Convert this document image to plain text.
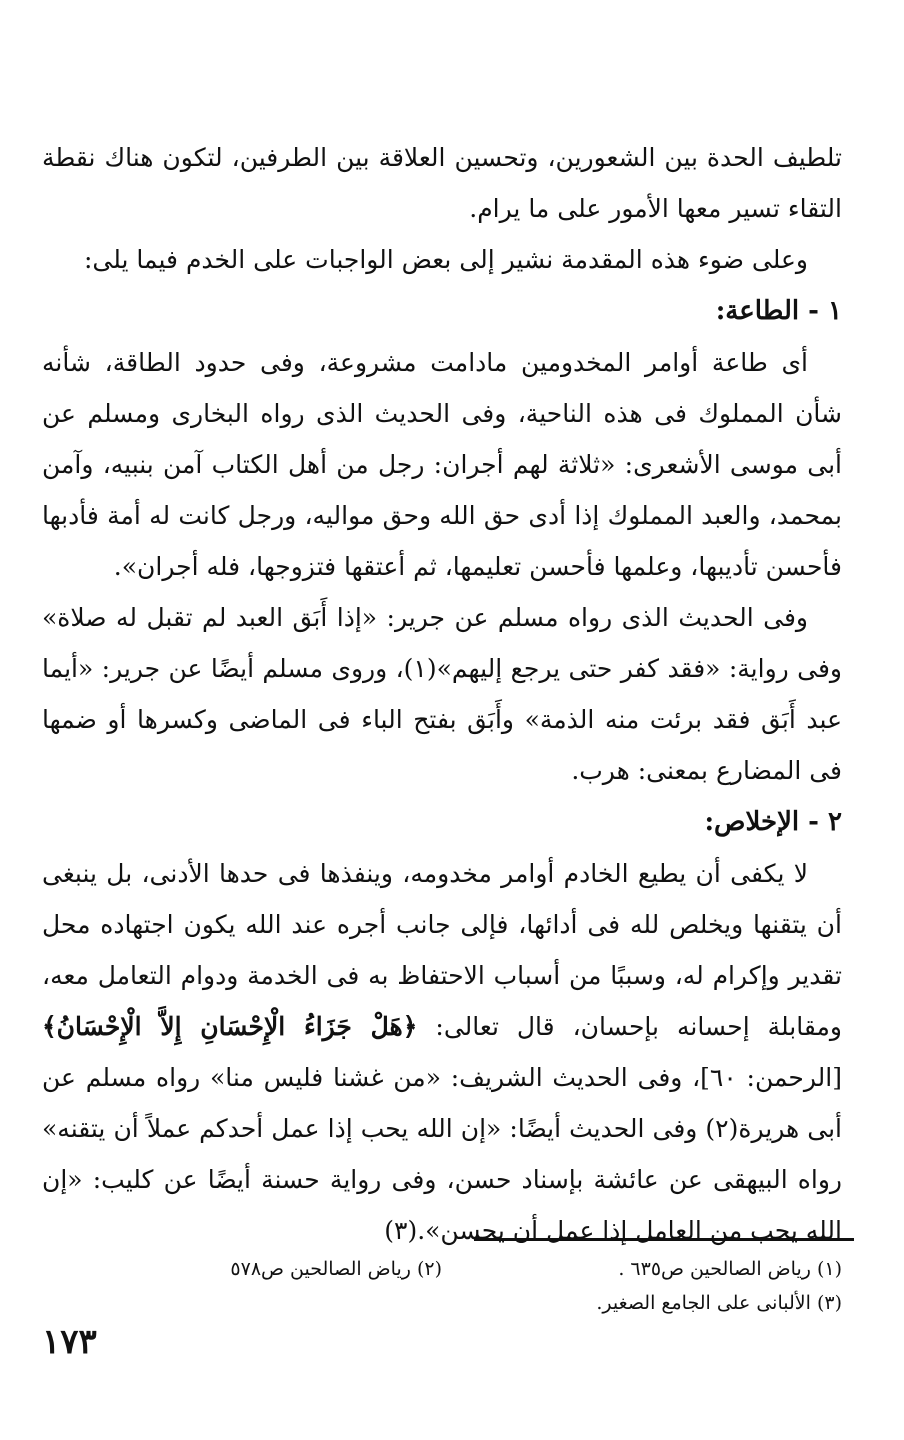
تلطيف الحدة بين الشعورين، وتحسين العلاقة بين الطرفين، لتكون هناك نقطة التقاء تسير معها الأمور على ما يرام.

وعلى ضوء هذه المقدمة نشير إلى بعض الواجبات على الخدم فيما يلى:

١ - الطاعة:

أى طاعة أوامر المخدومين مادامت مشروعة، وفى حدود الطاقة، شأنه شأن المملوك فى هذه الناحية، وفى الحديث الذى رواه البخارى ومسلم عن أبى موسى الأشعرى: «ثلاثة لهم أجران: رجل من أهل الكتاب آمن بنبيه، وآمن بمحمد، والعبد المملوك إذا أدى حق الله وحق مواليه، ورجل كانت له أمة فأدبها فأحسن تأديبها، وعلمها فأحسن تعليمها، ثم أعتقها فتزوجها، فله أجران».

وفى الحديث الذى رواه مسلم عن جرير: «إذا أَبَق العبد لم تقبل له صلاة» وفى رواية: «فقد كفر حتى يرجع إليهم»(١)، وروى مسلم أيضًا عن جرير: «أيما عبد أَبَق فقد برئت منه الذمة» وأَبَق بفتح الباء فى الماضى وكسرها أو ضمها فى المضارع بمعنى: هرب.

٢ - الإخلاص:

لا يكفى أن يطيع الخادم أوامر مخدومه، وينفذها فى حدها الأدنى، بل ينبغى أن يتقنها ويخلص لله فى أدائها، فإلى جانب أجره عند الله يكون اجتهاده محل تقدير وإكرام له، وسببًا من أسباب الاحتفاظ به فى الخدمة ودوام التعامل معه، ومقابلة إحسانه بإحسان، قال تعالى: ﴿هَلْ جَزَاءُ الْإِحْسَانِ إِلاَّ الْإِحْسَانُ﴾ [الرحمن: ٦٠]، وفى الحديث الشريف: «من غشنا فليس منا» رواه مسلم عن أبى هريرة(٢) وفى الحديث أيضًا: «إن الله يحب إذا عمل أحدكم عملاً أن يتقنه» رواه البيهقى عن عائشة بإسناد حسن، وفى رواية حسنة أيضًا عن كليب: «إن الله يحب من العامل إذا عمل أن يحسن».(٣)

(١) رياض الصالحين ص٦٣٥ .
(٢) رياض الصالحين ص٥٧٨
(٣) الألبانى على الجامع الصغير.
١٧٣
